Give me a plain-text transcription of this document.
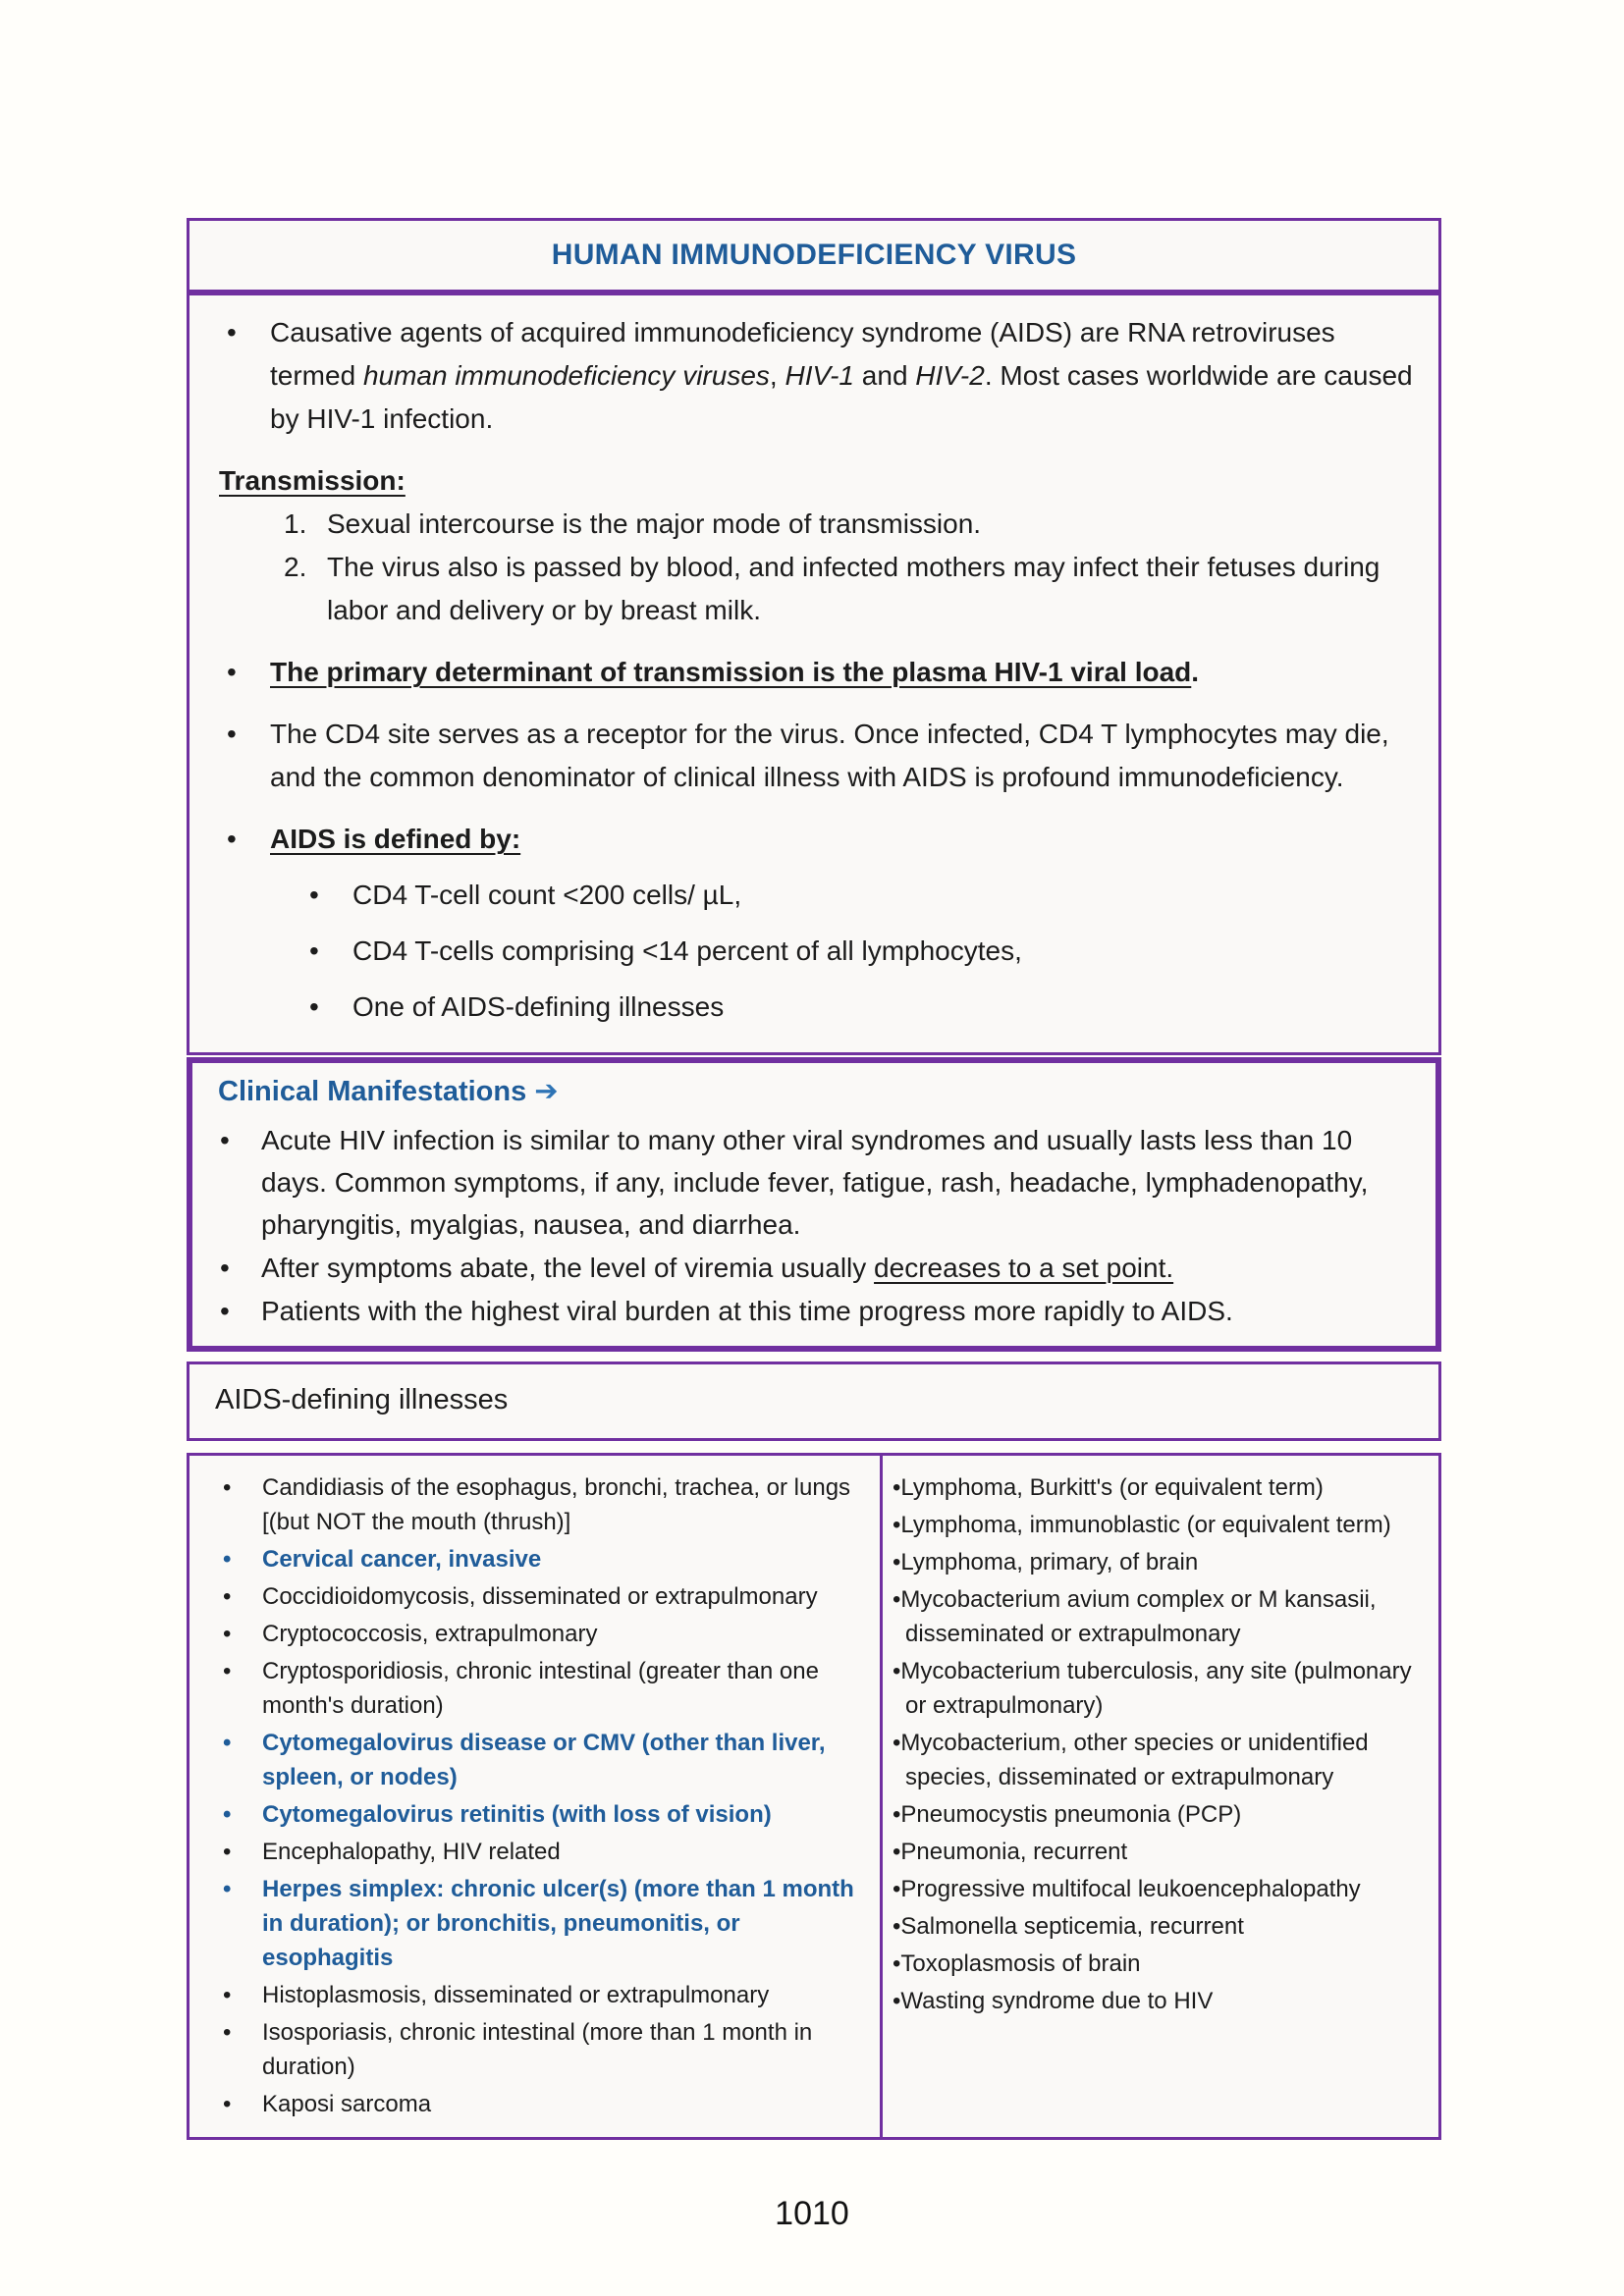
HUMAN IMMUNODEFICIENCY VIRUS
• Causative agents of acquired immunodeficiency syndrome (AIDS) are RNA retroviruses termed human immunodeficiency viruses, HIV-1 and HIV-2. Most cases worldwide are caused by HIV-1 infection.
Transmission:
1. Sexual intercourse is the major mode of transmission.
2. The virus also is passed by blood, and infected mothers may infect their fetuses during labor and delivery or by breast milk.
• The primary determinant of transmission is the plasma HIV-1 viral load.
• The CD4 site serves as a receptor for the virus. Once infected, CD4 T lymphocytes may die, and the common denominator of clinical illness with AIDS is profound immunodeficiency.
• AIDS is defined by:
• CD4 T-cell count <200 cells/ µL,
• CD4 T-cells comprising <14 percent of all lymphocytes,
• One of AIDS-defining illnesses
Clinical Manifestations ➔
• Acute HIV infection is similar to many other viral syndromes and usually lasts less than 10 days. Common symptoms, if any, include fever, fatigue, rash, headache, lymphadenopathy, pharyngitis, myalgias, nausea, and diarrhea.
• After symptoms abate, the level of viremia usually decreases to a set point.
• Patients with the highest viral burden at this time progress more rapidly to AIDS.
AIDS-defining illnesses
• Candidiasis of the esophagus, bronchi, trachea, or lungs [(but NOT the mouth (thrush)]
• Cervical cancer, invasive
• Coccidioidomycosis, disseminated or extrapulmonary
• Cryptococcosis, extrapulmonary
• Cryptosporidiosis, chronic intestinal (greater than one month's duration)
• Cytomegalovirus disease or CMV (other than liver, spleen, or nodes)
• Cytomegalovirus retinitis (with loss of vision)
• Encephalopathy, HIV related
• Herpes simplex: chronic ulcer(s) (more than 1 month in duration); or bronchitis, pneumonitis, or esophagitis
• Histoplasmosis, disseminated or extrapulmonary
• Isosporiasis, chronic intestinal (more than 1 month in duration)
• Kaposi sarcoma
• Lymphoma, Burkitt's (or equivalent term)
• Lymphoma, immunoblastic (or equivalent term)
• Lymphoma, primary, of brain
• Mycobacterium avium complex or M kansasii, disseminated or extrapulmonary
• Mycobacterium tuberculosis, any site (pulmonary or extrapulmonary)
• Mycobacterium, other species or unidentified species, disseminated or extrapulmonary
• Pneumocystis pneumonia (PCP)
• Pneumonia, recurrent
• Progressive multifocal leukoencephalopathy
• Salmonella septicemia, recurrent
• Toxoplasmosis of brain
• Wasting syndrome due to HIV
1010
